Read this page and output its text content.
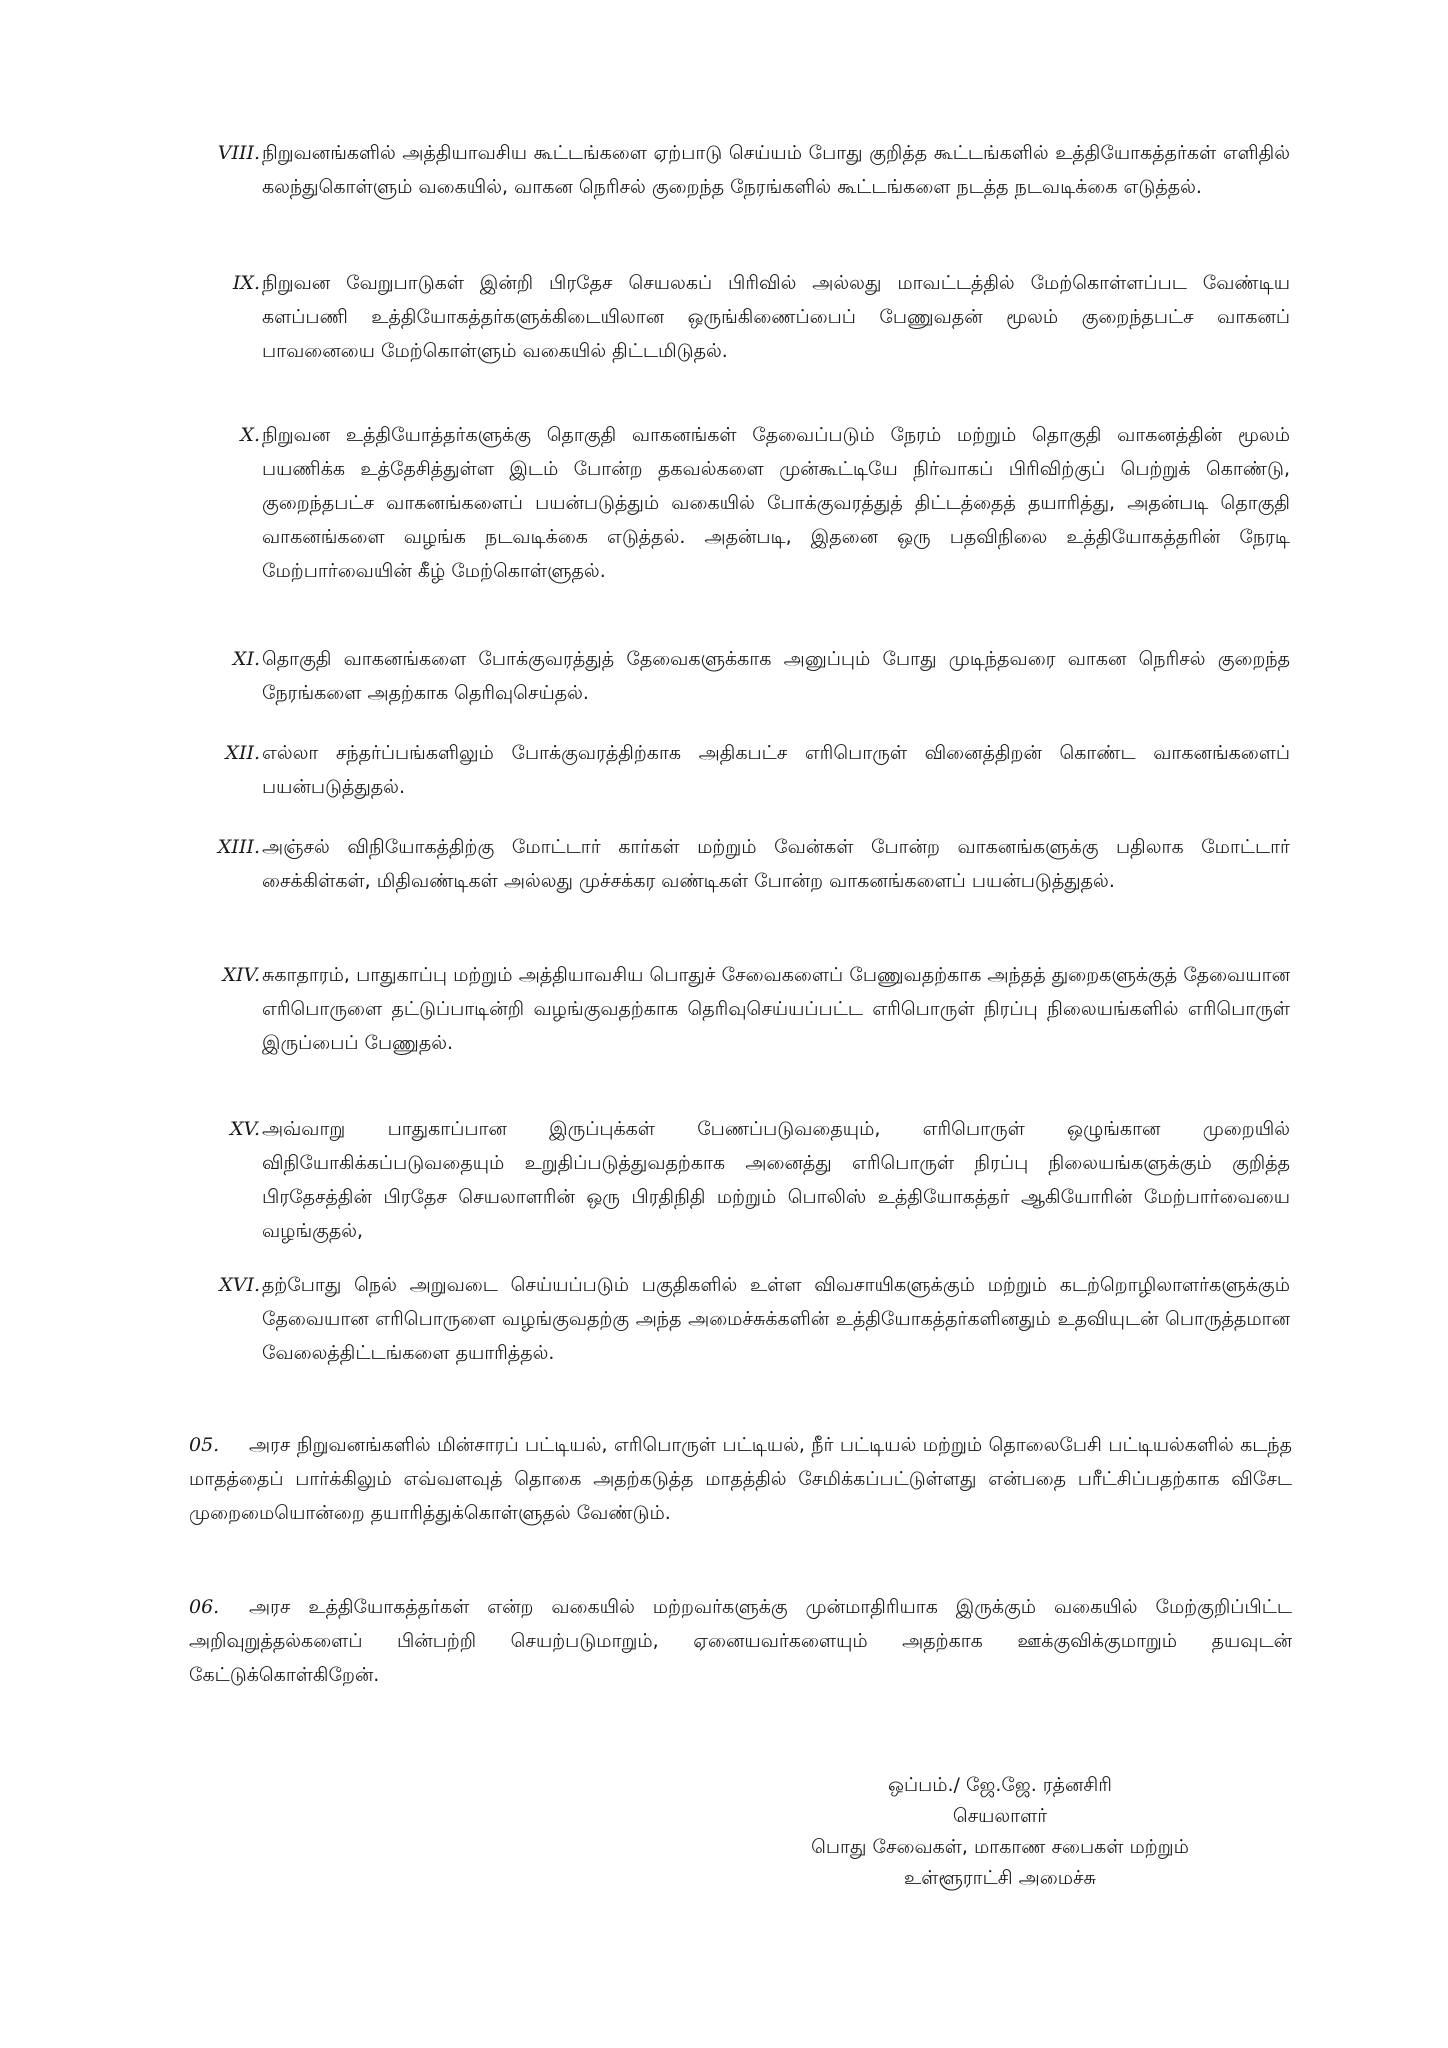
VIII. நிறுவனங்களில் அத்தியாவசிய கூட்டங்களை ஏற்பாடு செய்யம் போது குறித்த கூட்டங்களில் உத்தியோகத்தர்கள் எளிதில் கலந்துகொள்ளும் வகையில், வாகன நெரிசல் குறைந்த நேரங்களில் கூட்டங்களை நடத்த நடவடிக்கை எடுத்தல்.
IX. நிறுவன வேறுபாடுகள் இன்றி பிரதேச செயலகப் பிரிவில் அல்லது மாவட்டத்தில் மேற்கொள்ளப்பட வேண்டிய களப்பணி உத்தியோகத்தர்களுக்கிடையிலான ஒருங்கிணைப்பைப் பேணுவதன் மூலம் குறைந்தபட்ச வாகனப் பாவனையை மேற்கொள்ளும் வகையில் திட்டமிடுதல்.
X. நிறுவன உத்தியோத்தர்களுக்கு தொகுதி வாகனங்கள் தேவைப்படும் நேரம் மற்றும் தொகுதி வாகனத்தின் மூலம் பயணிக்க உத்தேசித்துள்ள இடம் போன்ற தகவல்களை முன்கூட்டியே நிர்வாகப் பிரிவிற்குப் பெற்றுக் கொண்டு, குறைந்தபட்ச வாகனங்களைப் பயன்படுத்தும் வகையில் போக்குவரத்துத் திட்டத்தைத் தயாரித்து, அதன்படி தொகுதி வாகனங்களை வழங்க நடவடிக்கை எடுத்தல். அதன்படி, இதனை ஒரு பதவிநிலை உத்தியோகத்தரின் நேரடி மேற்பார்வையின் கீழ் மேற்கொள்ளுதல்.
XI. தொகுதி வாகனங்களை போக்குவரத்துத் தேவைகளுக்காக அனுப்பும் போது முடிந்தவரை வாகன நெரிசல் குறைந்த நேரங்களை அதற்காக தெரிவுசெய்தல்.
XII. எல்லா சந்தர்ப்பங்களிலும் போக்குவரத்திற்காக அதிகபட்ச எரிபொருள் வினைத்திறன் கொண்ட வாகனங்களைப் பயன்படுத்துதல்.
XIII. அஞ்சல் விநியோகத்திற்கு மோட்டார் கார்கள் மற்றும் வேன்கள் போன்ற வாகனங்களுக்கு பதிலாக மோட்டார் சைக்கிள்கள், மிதிவண்டிகள் அல்லது முச்சக்கர வண்டிகள் போன்ற வாகனங்களைப் பயன்படுத்துதல்.
XIV. சுகாதாரம், பாதுகாப்பு மற்றும் அத்தியாவசிய பொதுச் சேவைகளைப் பேணுவதற்காக அந்தத் துறைகளுக்குத் தேவையான எரிபொருளை தட்டுப்பாடின்றி வழங்குவதற்காக தெரிவுசெய்யப்பட்ட எரிபொருள் நிரப்பு நிலையங்களில் எரிபொருள் இருப்பைப் பேணுதல்.
XV. அவ்வாறு பாதுகாப்பான இருப்புக்கள் பேணப்படுவதையும், எரிபொருள் ஒழுங்கான முறையில் விநியோகிக்கப்படுவதையும் உறுதிப்படுத்துவதற்காக அனைத்து எரிபொருள் நிரப்பு நிலையங்களுக்கும் குறித்த பிரதேசத்தின் பிரதேச செயலாளரின் ஒரு பிரதிநிதி மற்றும் பொலிஸ் உத்தியோகத்தர் ஆகியோரின் மேற்பார்வையை வழங்குதல்,
XVI. தற்போது நெல் அறுவடை செய்யப்படும் பகுதிகளில் உள்ள விவசாயிகளுக்கும் மற்றும் கடற்றொழிலாளர்களுக்கும் தேவையான எரிபொருளை வழங்குவதற்கு அந்த அமைச்சுக்களின் உத்தியோகத்தர்களினதும் உதவியுடன் பொருத்தமான வேலைத்திட்டங்களை தயாரித்தல்.
05. அரச நிறுவனங்களில் மின்சாரப் பட்டியல், எரிபொருள் பட்டியல், நீர் பட்டியல் மற்றும் தொலைபேசி பட்டியல்களில் கடந்த மாதத்தைப் பார்க்கிலும் எவ்வளவுத் தொகை அதற்கடுத்த மாதத்தில் சேமிக்கப்பட்டுள்ளது என்பதை பரீட்சிப்பதற்காக விசேட முறைமையொன்றை தயாரித்துக்கொள்ளுதல் வேண்டும்.
06. அரச உத்தியோகத்தர்கள் என்ற வகையில் மற்றவர்களுக்கு முன்மாதிரியாக இருக்கும் வகையில் மேற்குறிப்பிட்ட அறிவுறுத்தல்களைப் பின்பற்றி செயற்படுமாறும், ஏனையவர்களையும் அதற்காக ஊக்குவிக்குமாறும் தயவுடன் கேட்டுக்கொள்கிறேன்.
ஒப்பம்./ ஜே.ஜே. ரத்னசிரி
செயலாளர்
பொது சேவைகள், மாகாண சபைகள் மற்றும்
உள்ளூராட்சி அமைச்சு
